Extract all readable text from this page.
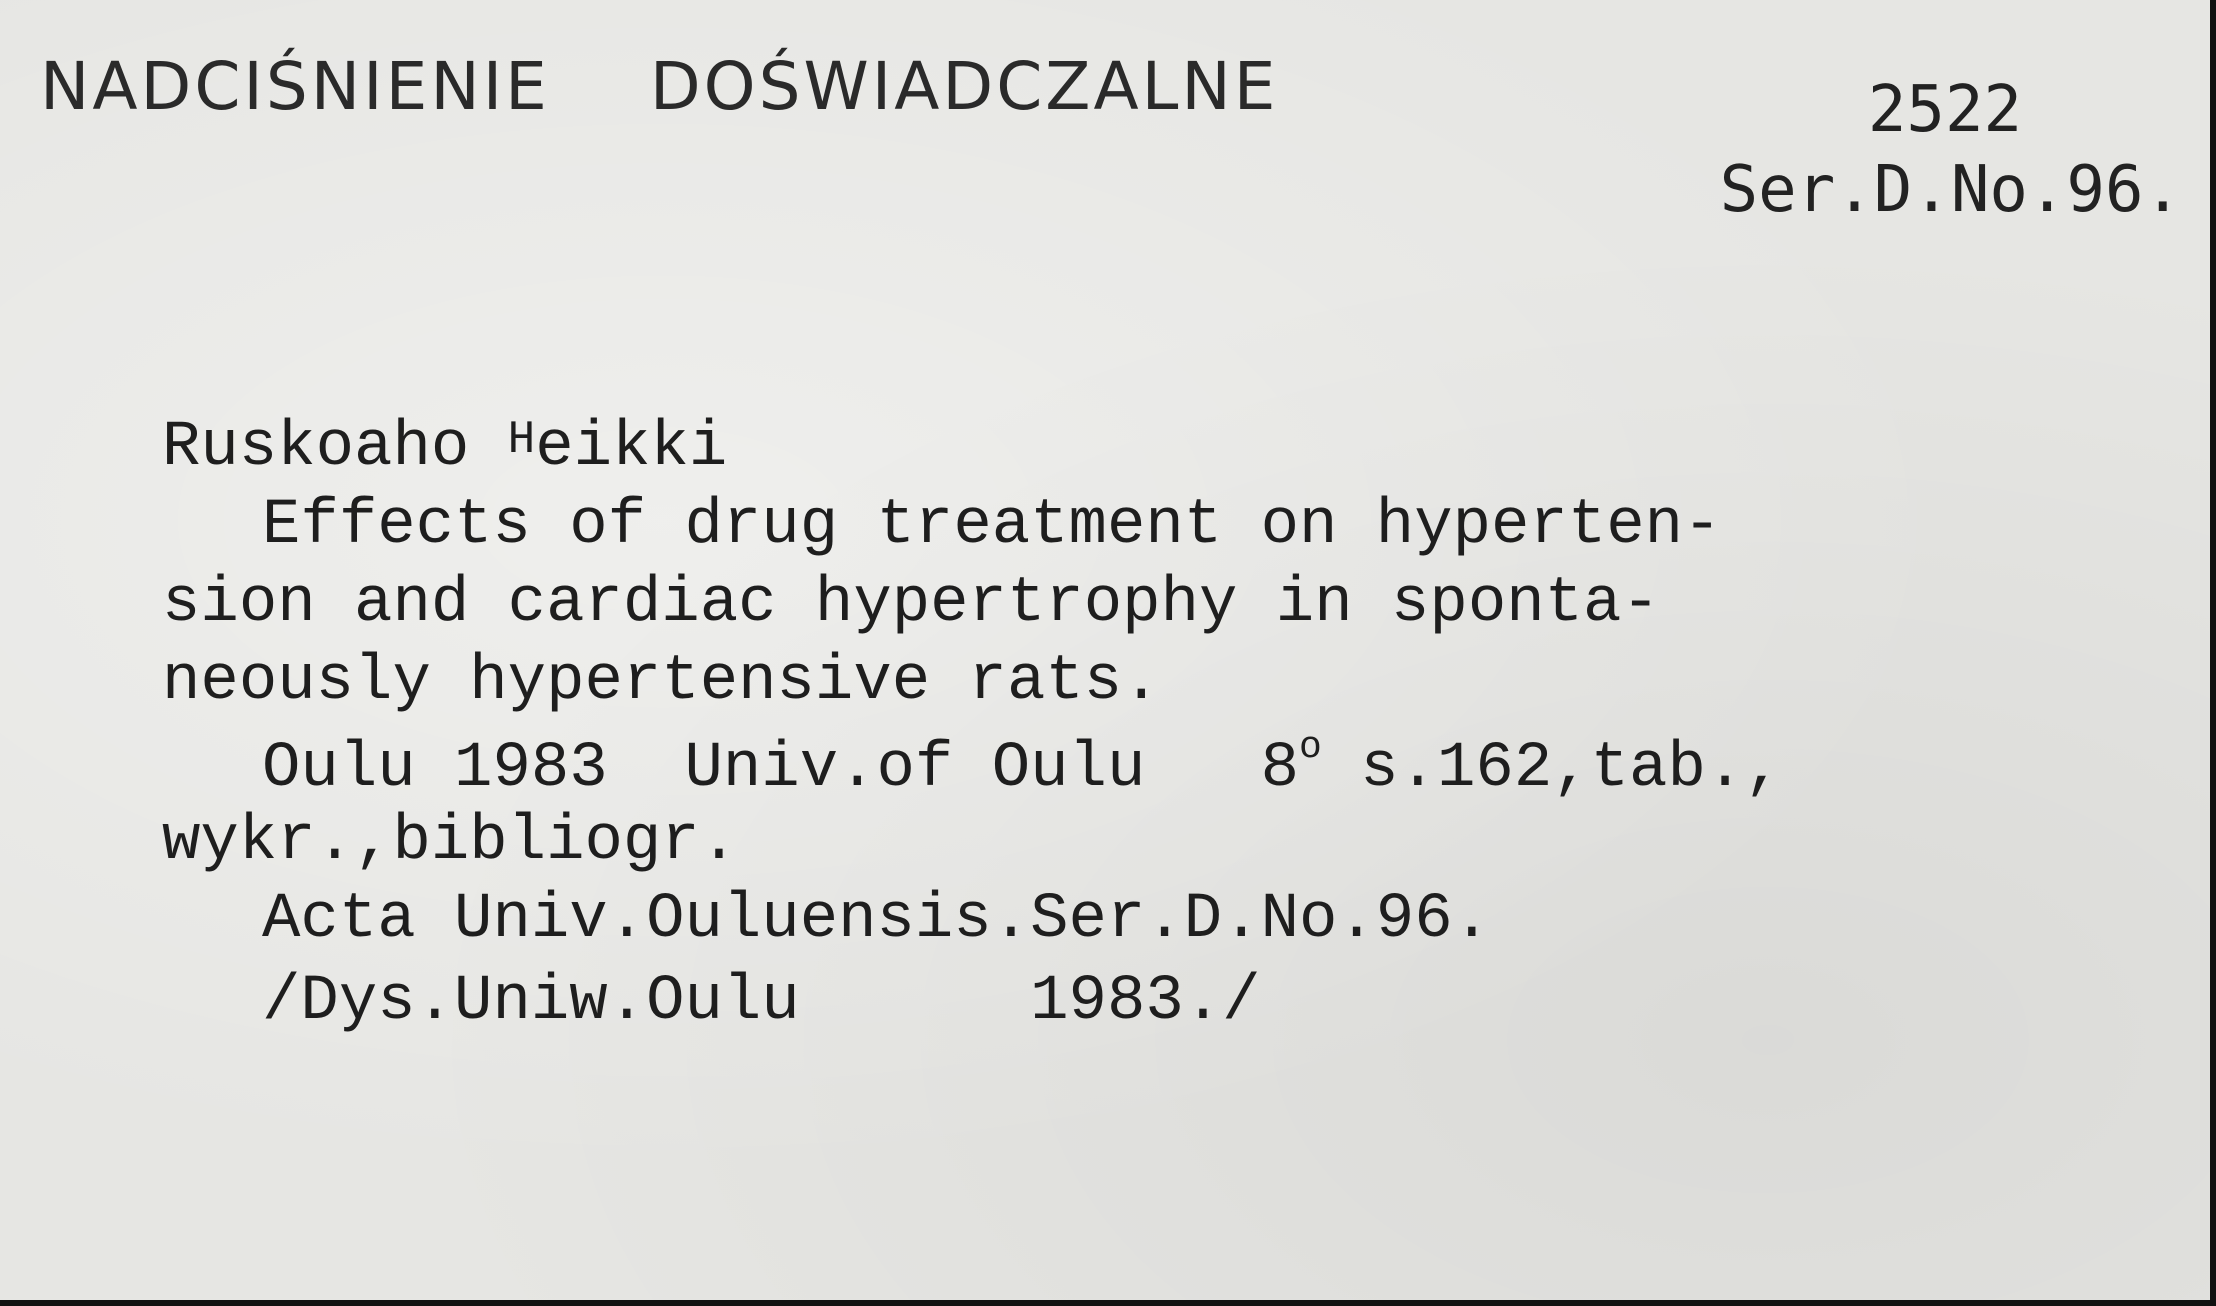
NADCIŚNIENIE DOŚWIADCZALNE	2522
Ser.D.No.96.
Ruskoaho Heikki
Effects of drug treatment on hyperten-
sion and cardiac hypertrophy in sponta-
neously hypertensive rats.
Oulu 1983 Univ.of Oulu 8$^o$ s.162,tab.,
wykr.,bibliogr.
Acta Univ.Ouluensis.Ser.D.No.96.
/Dys.Uniw.Oulu	1983./
